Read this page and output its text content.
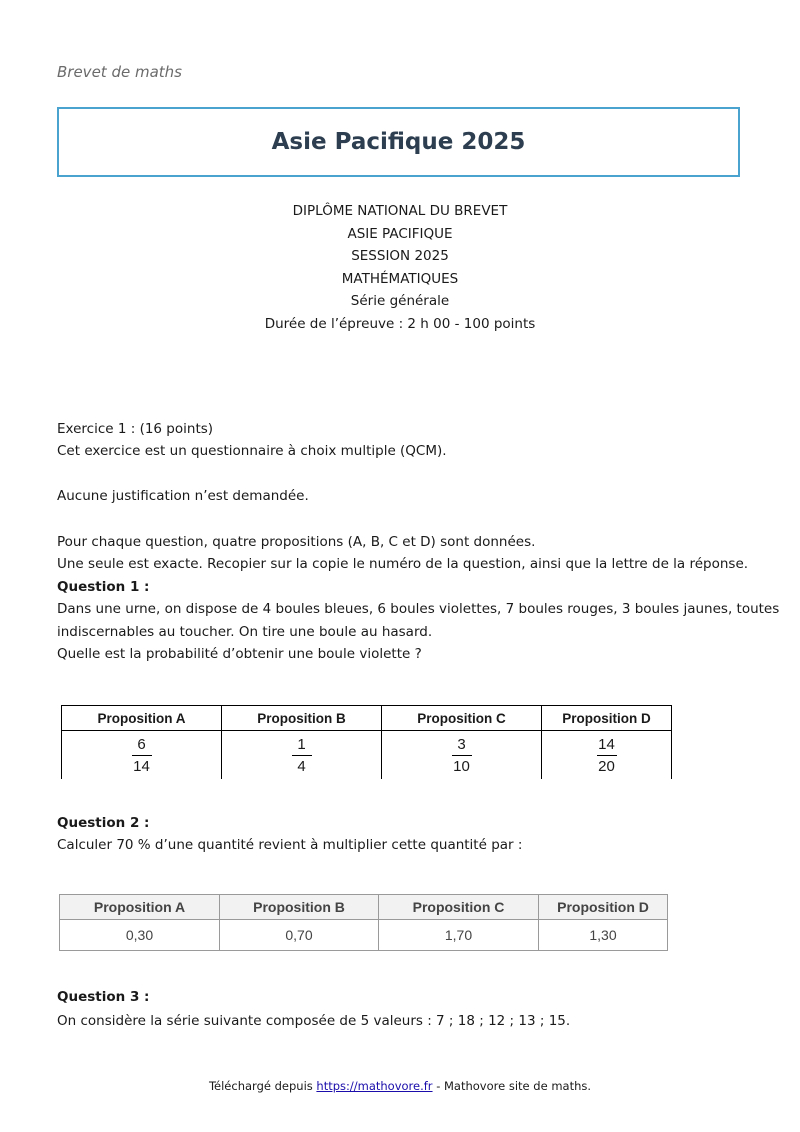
Brevet de maths
Asie Pacifique 2025
DIPLÔME NATIONAL DU BREVET
ASIE PACIFIQUE
SESSION 2025
MATHÉMATIQUES
Série générale
Durée de l’épreuve : 2 h 00 - 100 points
Exercice 1 : (16 points)
Cet exercice est un questionnaire à choix multiple (QCM).
Aucune justification n’est demandée.
Pour chaque question, quatre propositions (A, B, C et D) sont données.
Une seule est exacte. Recopier sur la copie le numéro de la question, ainsi que la lettre de la réponse.
Question 1 :
Dans une urne, on dispose de 4 boules bleues, 6 boules violettes, 7 boules rouges, 3 boules jaunes, toutes
indiscernables au toucher. On tire une boule au hasard.
Quelle est la probabilité d’obtenir une boule violette ?
Proposition A	Proposition B	Proposition C	Proposition D

$\frac{6}{14}$	$\frac{1}{4}$	$\frac{3}{10}$	$\frac{14}{20}$
Question 2 :
Calculer 70 % d’une quantité revient à multiplier cette quantité par :
Proposition A	Proposition B	Proposition C	Proposition D
0,30	0,70	1,70	1,30
Question 3 :
On considère la série suivante composée de 5 valeurs : 7 ; 18 ; 12 ; 13 ; 15.
Téléchargé depuis https://mathovore.fr - Mathovore site de maths.
